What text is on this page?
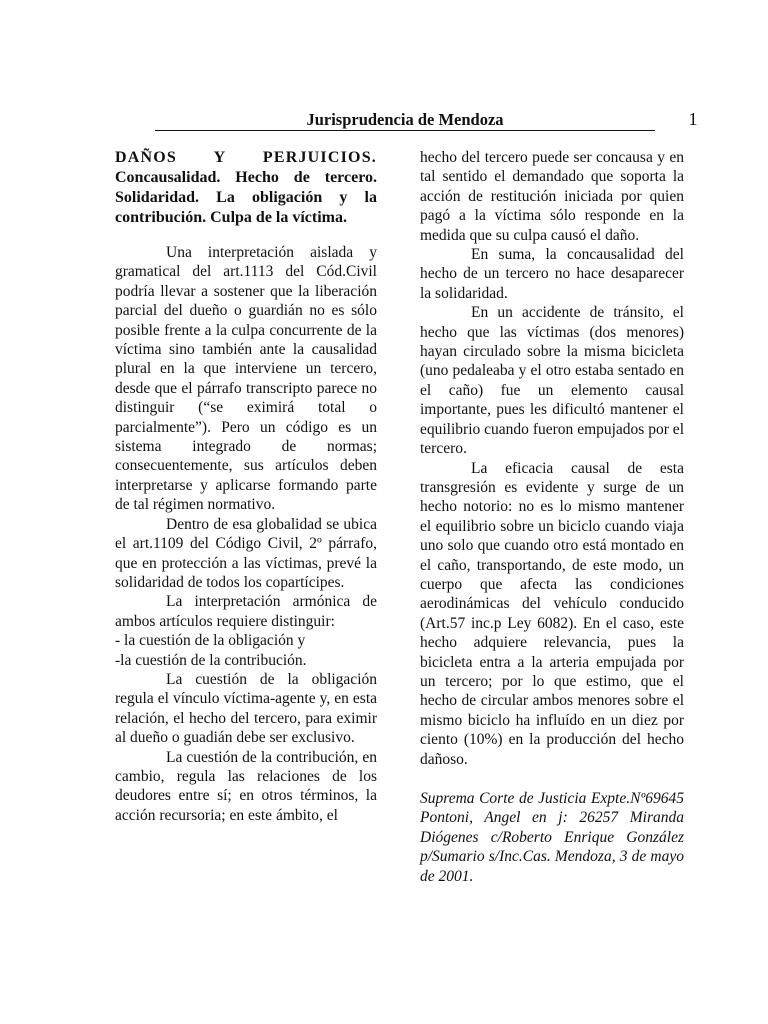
Jurisprudencia de Mendoza	1

DAÑOS Y PERJUICIOS. Concausalidad. Hecho de tercero. Solidaridad. La obligación y la contribución. Culpa de la víctima.

Una interpretación aislada y gramatical del art.1113 del Cód.Civil podría llevar a sostener que la liberación parcial del dueño o guardián no es sólo posible frente a la culpa concurrente de la víctima sino también ante la causalidad plural en la que interviene un tercero, desde que el párrafo transcripto parece no distinguir (“se eximirá total o parcialmente”). Pero un código es un sistema integrado de normas; consecuentemente, sus artículos deben interpretarse y aplicarse formando parte de tal régimen normativo.

Dentro de esa globalidad se ubica el art.1109 del Código Civil, 2º párrafo, que en protección a las víctimas, prevé la solidaridad de todos los copartícipes.

La interpretación armónica de ambos artículos requiere distinguir:

- la cuestión de la obligación y

-la cuestión de la contribución.

La cuestión de la obligación regula el vínculo víctima-agente y, en esta relación, el hecho del tercero, para eximir al dueño o guadián debe ser exclusivo.

La cuestión de la contribución, en cambio, regula las relaciones de los deudores entre sí; en otros términos, la acción recursoria; en este ámbito, el

hecho del tercero puede ser concausa y en tal sentido el demandado que soporta la acción de restitución iniciada por quien pagó a la víctima sólo responde en la medida que su culpa causó el daño.

En suma, la concausalidad del hecho de un tercero no hace desaparecer la solidaridad.

En un accidente de tránsito, el hecho que las víctimas (dos menores) hayan circulado sobre la misma bicicleta (uno pedaleaba y el otro estaba sentado en el caño) fue un elemento causal importante, pues les dificultó mantener el equilibrio cuando fueron empujados por el tercero.

La eficacia causal de esta transgresión es evidente y surge de un hecho notorio: no es lo mismo mantener el equilibrio sobre un biciclo cuando viaja uno solo que cuando otro está montado en el caño, transportando, de este modo, un cuerpo que afecta las condiciones aerodinámicas del vehículo conducido (Art.57 inc.p Ley 6082). En el caso, este hecho adquiere relevancia, pues la bicicleta entra a la arteria empujada por un tercero; por lo que estimo, que el hecho de circular ambos menores sobre el mismo biciclo ha influído en un diez por ciento (10%) en la producción del hecho dañoso.

Suprema Corte de Justicia Expte.Nº69645 Pontoni, Angel en j: 26257 Miranda Diógenes c/Roberto Enrique González p/Sumario s/Inc.Cas. Mendoza, 3 de mayo de 2001.
